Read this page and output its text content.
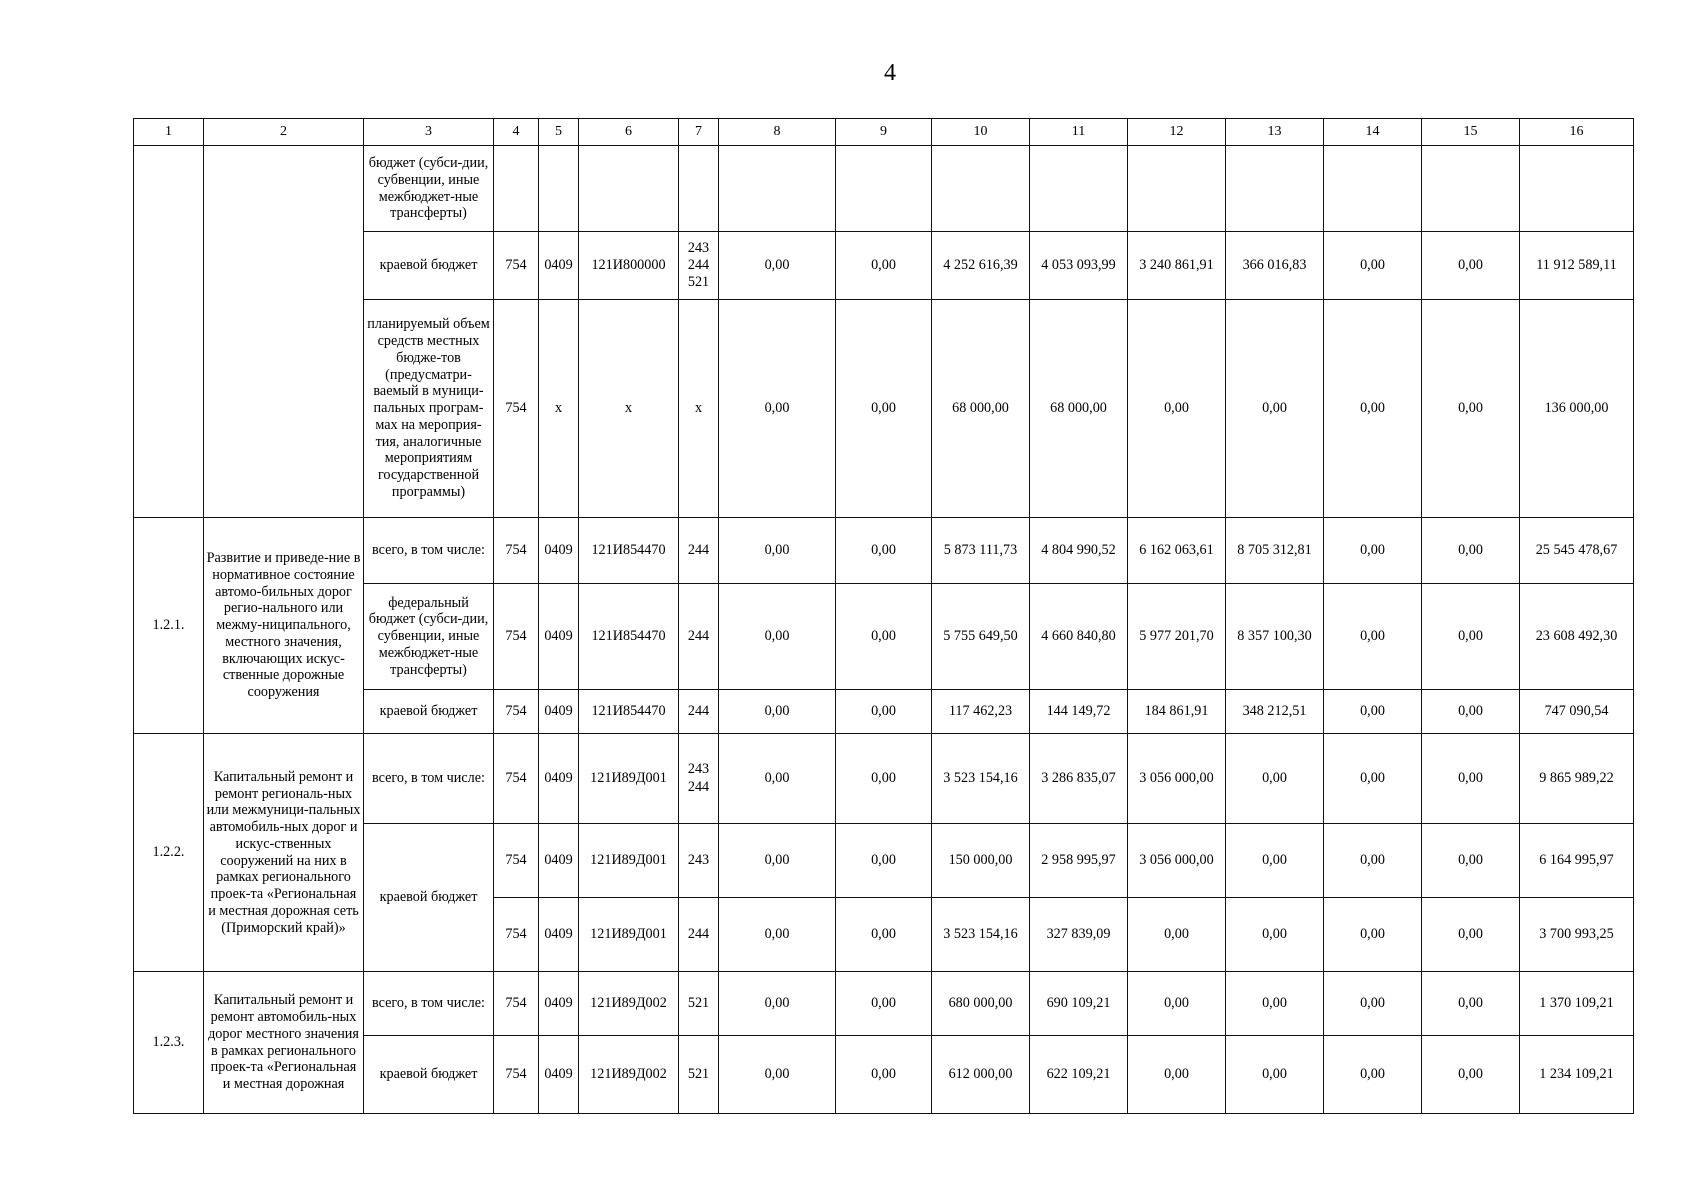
4
1	2	3	4	5	6	7	8	9	10	11	12	13	14	15	16
		бюджет (субси-дии, субвенции, иные межбюджет-ные трансферты)													
		краевой бюджет	754	0409	121И800000	243 244 521	0,00	0,00	4 252 616,39	4 053 093,99	3 240 861,91	366 016,83	0,00	0,00	11 912 589,11
		планируемый объем средств местных бюдже-тов (предусматри-ваемый в муници-пальных програм-мах на мероприя-тия, аналогичные мероприятиям государственной программы)	754	x	x	x	0,00	0,00	68 000,00	68 000,00	0,00	0,00	0,00	0,00	136 000,00
1.2.1.	Развитие и приведе-ние в нормативное состояние автомо-бильных дорог регио-нального или межму-ниципального, местного значения, включающих искус-ственные дорожные сооружения	всего, в том числе:	754	0409	121И854470	244	0,00	0,00	5 873 111,73	4 804 990,52	6 162 063,61	8 705 312,81	0,00	0,00	25 545 478,67
		федеральный бюджет (субси-дии, субвенции, иные межбюджет-ные трансферты)	754	0409	121И854470	244	0,00	0,00	5 755 649,50	4 660 840,80	5 977 201,70	8 357 100,30	0,00	0,00	23 608 492,30
		краевой бюджет	754	0409	121И854470	244	0,00	0,00	117 462,23	144 149,72	184 861,91	348 212,51	0,00	0,00	747 090,54
1.2.2.	Капитальный ремонт и ремонт региональ-ных или межмуници-пальных автомобиль-ных дорог и искус-ственных сооружений на них в рамках регионального проек-та «Региональная и местная дорожная сеть (Приморский край)»	всего, в том числе:	754	0409	121И89Д001	243 244	0,00	0,00	3 523 154,16	3 286 835,07	3 056 000,00	0,00	0,00	0,00	9 865 989,22
		краевой бюджет	754	0409	121И89Д001	243	0,00	0,00	150 000,00	2 958 995,97	3 056 000,00	0,00	0,00	0,00	6 164 995,97
			754	0409	121И89Д001	244	0,00	0,00	3 523 154,16	327 839,09	0,00	0,00	0,00	0,00	3 700 993,25
1.2.3.	Капитальный ремонт и ремонт автомобиль-ных дорог местного значения в рамках регионального проек-та «Региональная и местная дорожная	всего, в том числе:	754	0409	121И89Д002	521	0,00	0,00	680 000,00	690 109,21	0,00	0,00	0,00	0,00	1 370 109,21
		краевой бюджет	754	0409	121И89Д002	521	0,00	0,00	612 000,00	622 109,21	0,00	0,00	0,00	0,00	1 234 109,21
